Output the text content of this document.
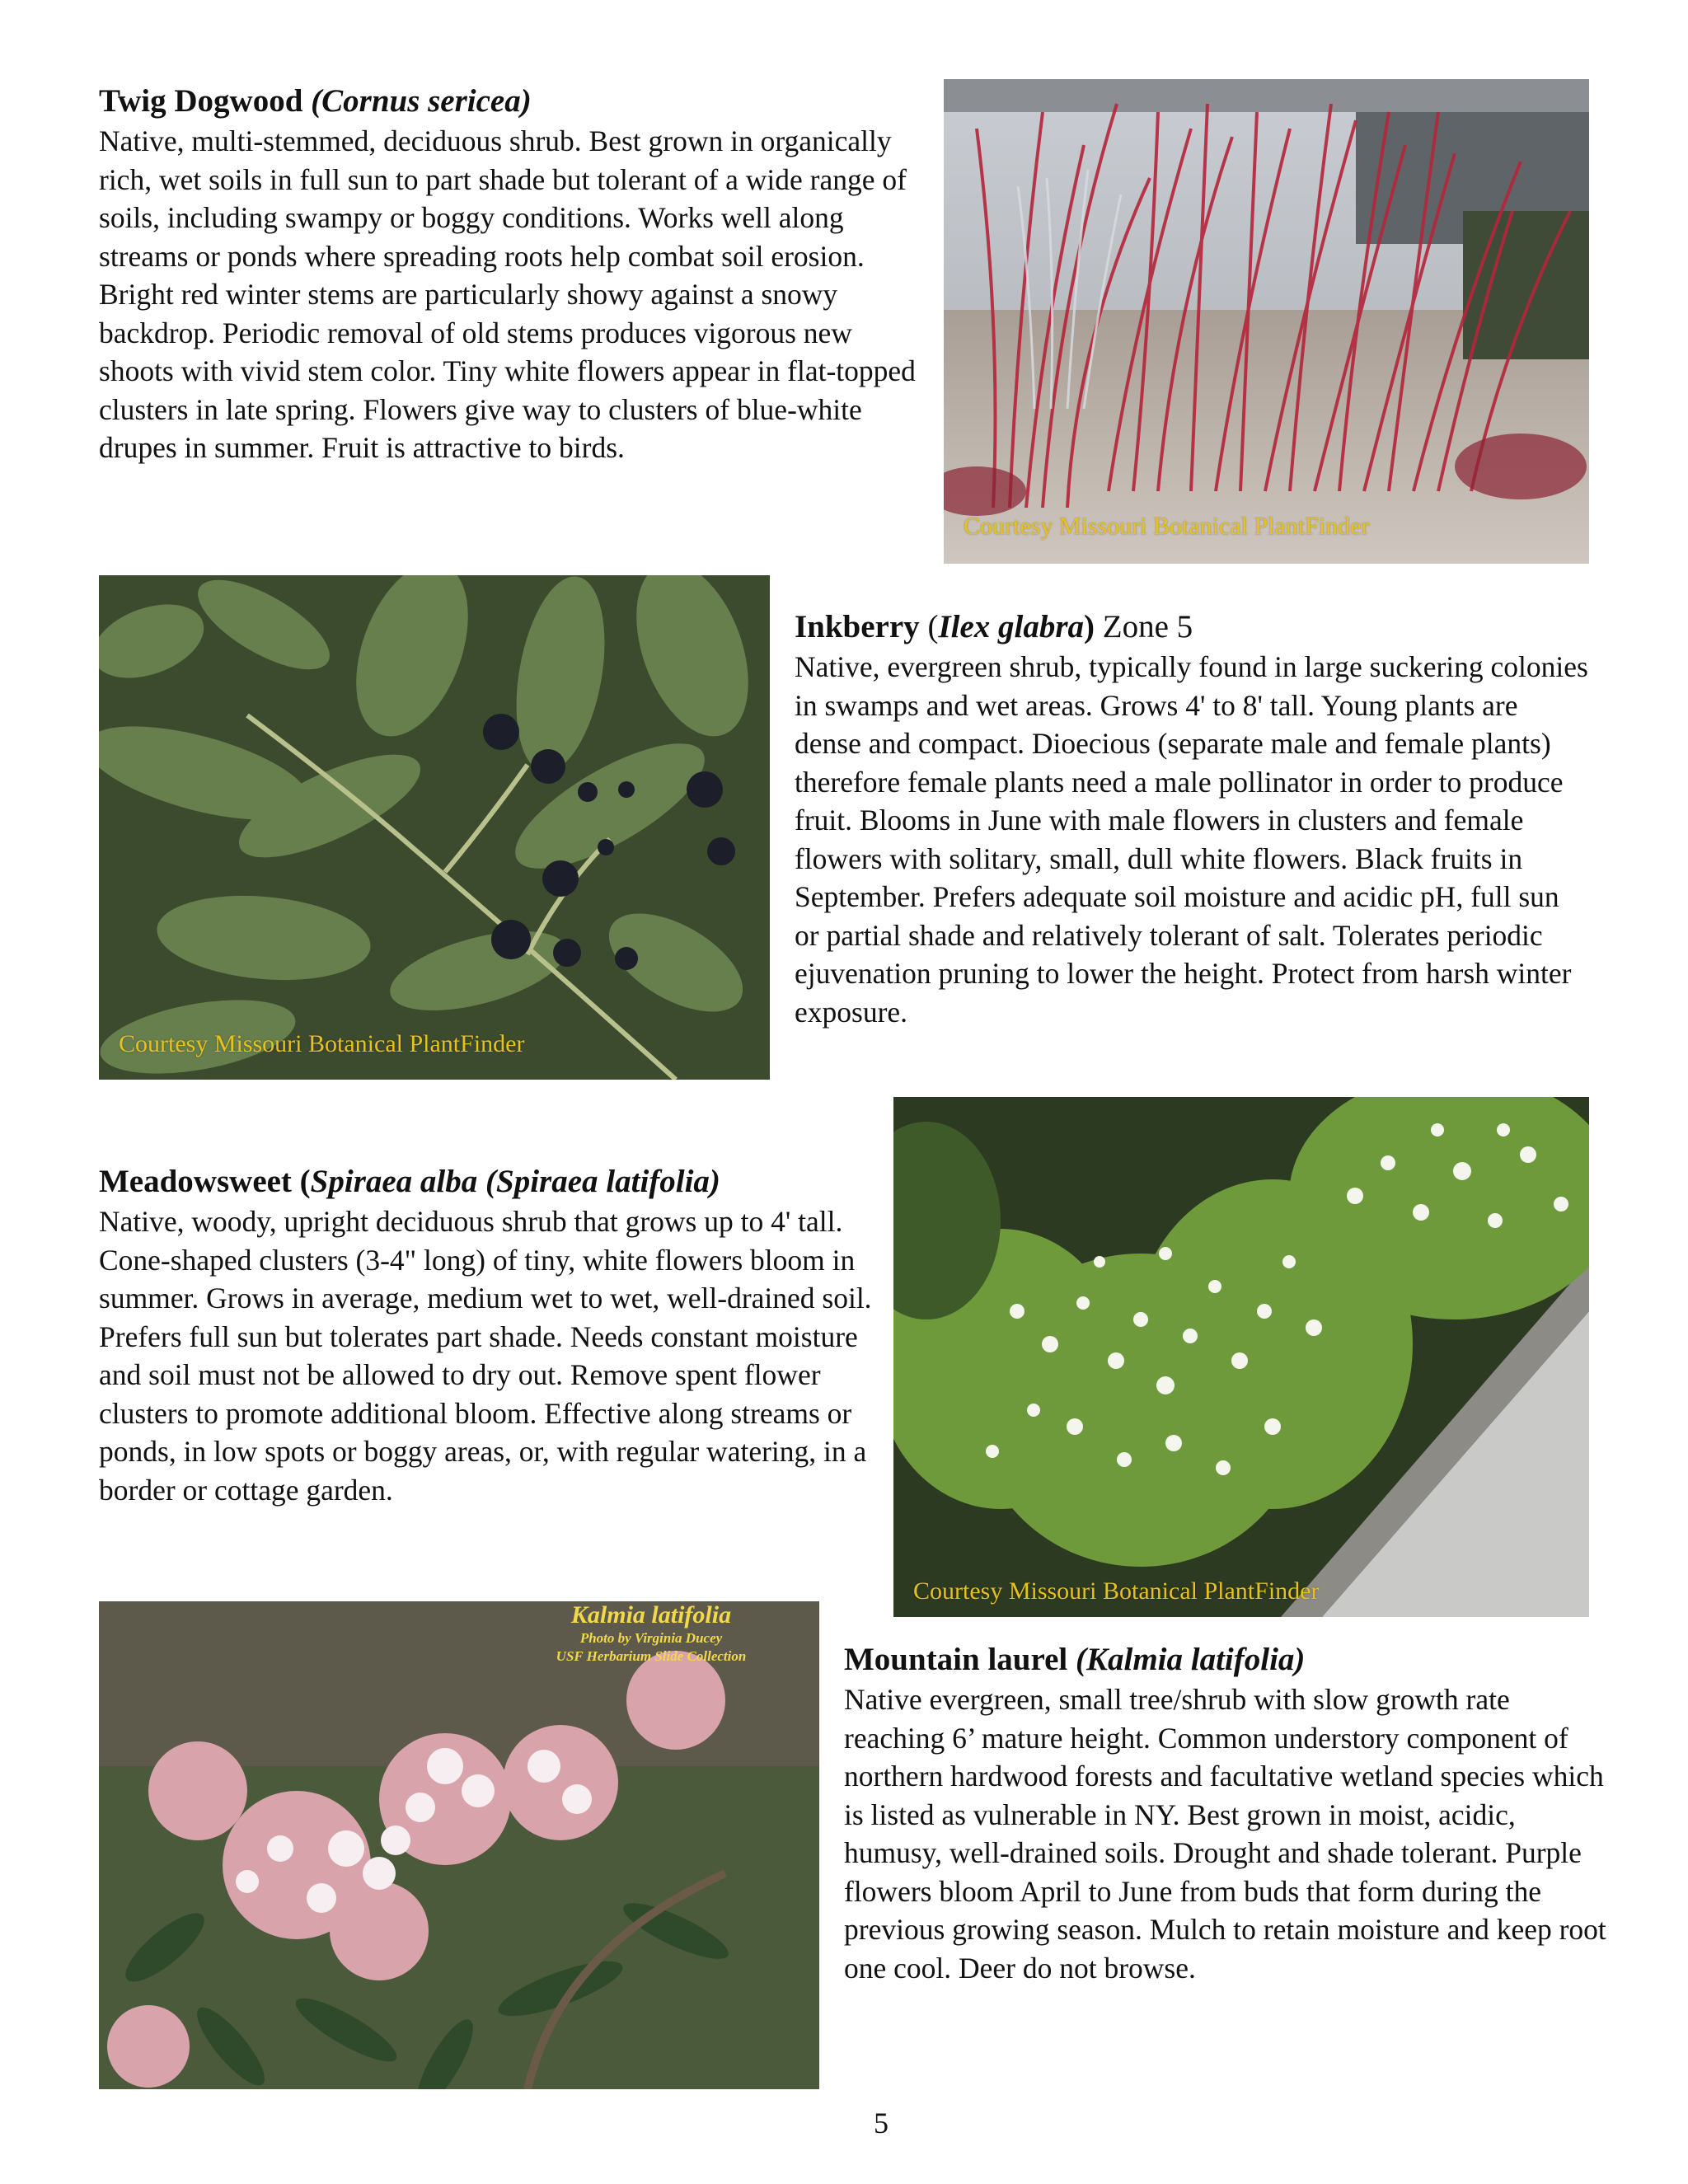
Twig Dogwood (Cornus sericea)
Native, multi-stemmed, deciduous shrub. Best grown in organically rich, wet soils in full sun to part shade but tolerant of a wide range of soils, including swampy or boggy conditions. Works well along streams or ponds where spreading roots help combat soil erosion. Bright red winter stems are particularly showy against a snowy backdrop. Periodic removal of old stems produces vigorous new shoots with vivid stem color. Tiny white flowers appear in flat-topped clusters in late spring. Flowers give way to clusters of blue-white drupes in summer. Fruit is attractive to birds.
Courtesy Missouri Botanical PlantFinder
Courtesy Missouri Botanical PlantFinder
Inkberry (Ilex glabra) Zone 5
Native, evergreen shrub, typically found in large suckering colonies in swamps and wet areas. Grows 4' to 8' tall. Young plants are dense and compact. Dioecious (separate male and female plants) therefore female plants need a male pollinator in order to produce fruit. Blooms in June with male flowers in clusters and female flowers with solitary, small, dull white flowers. Black fruits in September. Prefers adequate soil moisture and acidic pH, full sun or partial shade and relatively tolerant of salt. Tolerates periodic ejuvenation pruning to lower the height. Protect from harsh winter exposure.
Meadowsweet (Spiraea alba (Spiraea latifolia)
Native, woody, upright deciduous shrub that grows up to 4' tall. Cone-shaped clusters (3-4" long) of tiny, white flowers bloom in summer. Grows in average, medium wet to wet, well-drained soil. Prefers full sun but tolerates part shade. Needs constant moisture and soil must not be allowed to dry out. Remove spent flower clusters to promote additional bloom. Effective along streams or ponds, in low spots or boggy areas, or, with regular watering, in a border or cottage garden.
Courtesy Missouri Botanical PlantFinder
Kalmia latifolia
Photo by Virginia Ducey
USF Herbarium Slide Collection	Mountain laurel (Kalmia latifolia)
Native evergreen, small tree/shrub with slow growth rate reaching 6’ mature height. Common understory component of northern hardwood forests and facultative wetland species which is listed as vulnerable in NY. Best grown in moist, acidic, humusy, well-drained soils. Drought and shade tolerant. Purple flowers bloom April to June from buds that form during the previous growing season. Mulch to retain moisture and keep root one cool. Deer do not browse.
5
